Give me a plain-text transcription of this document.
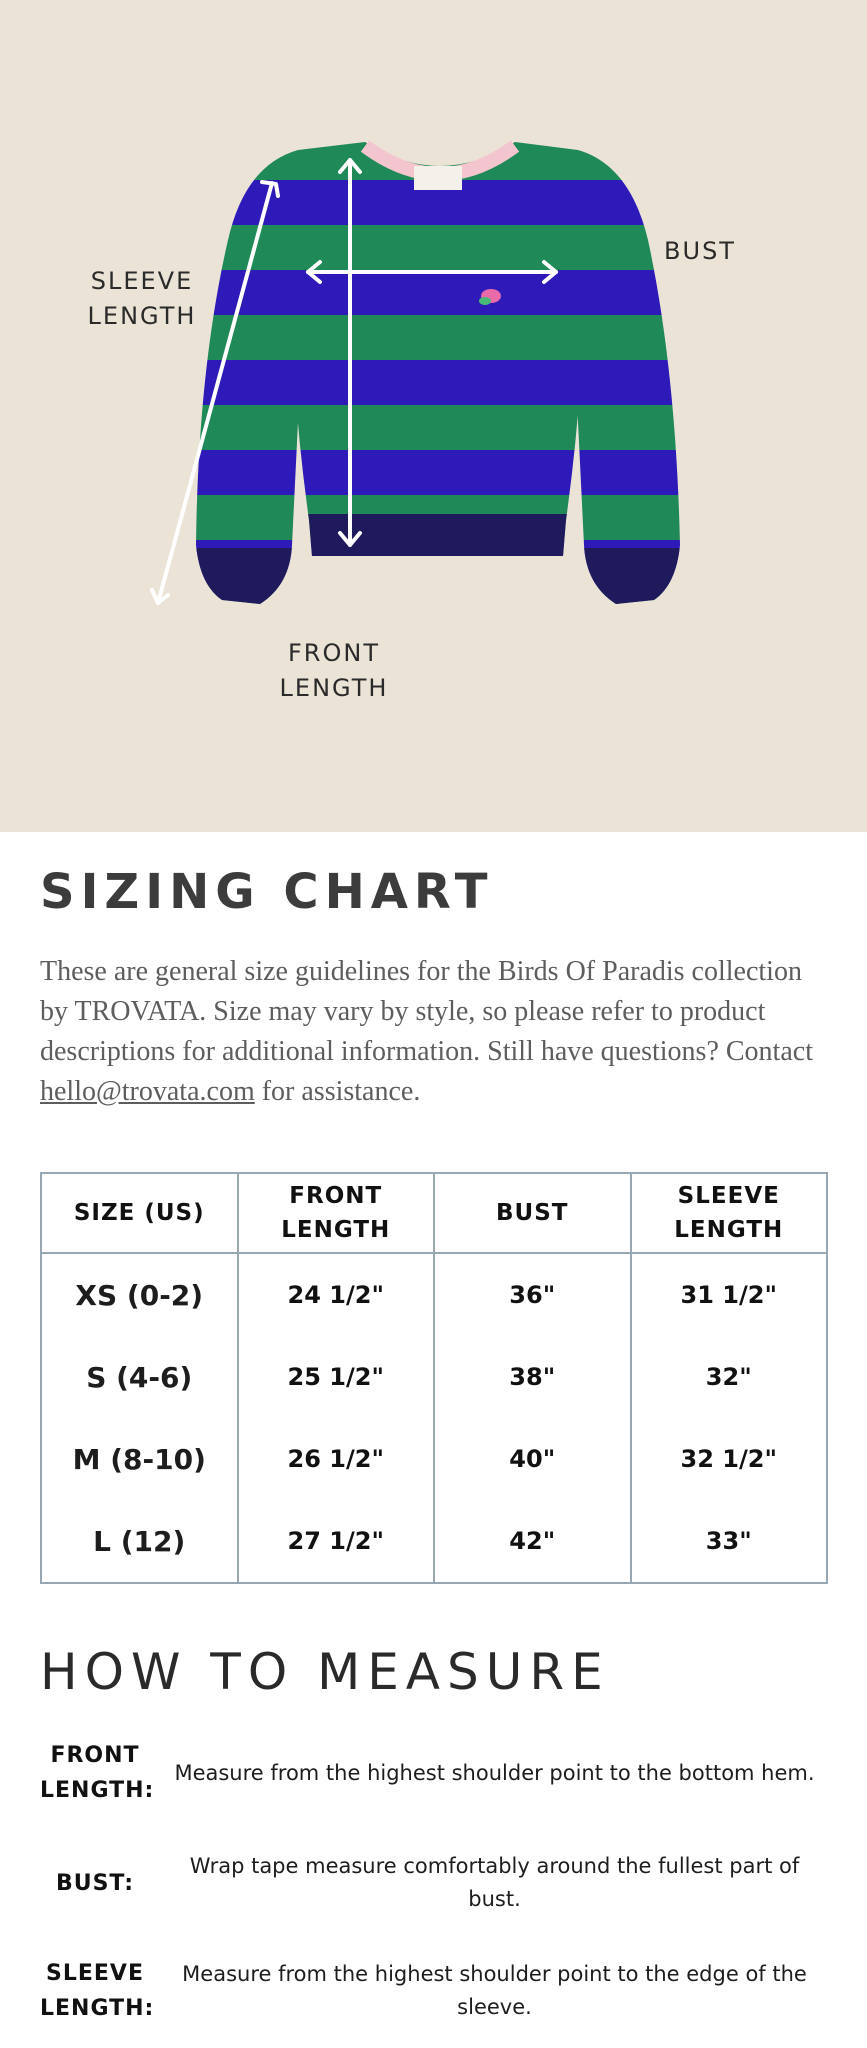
SLEEVE
LENGTH
BUST
FRONT
LENGTH
SIZING CHART

These are general size guidelines for the Birds Of Paradis collection by TROVATA. Size may vary by style, so please refer to product descriptions for additional information. Still have questions? Contact hello@trovata.com for assistance.

SIZE (US)	FRONT LENGTH	BUST	SLEEVE LENGTH
XS (0-2)	24 1/2"	36"	31 1/2"
S (4-6)	25 1/2"	38"	32"
M (8-10)	26 1/2"	40"	32 1/2"
L (12)	27 1/2"	42"	33"
HOW TO MEASURE
FRONT
LENGTH:
Measure from the highest shoulder point to the bottom hem.
BUST:
Wrap tape measure comfortably around the fullest part of bust.
SLEEVE
LENGTH:
Measure from the highest shoulder point to the edge of the sleeve.
